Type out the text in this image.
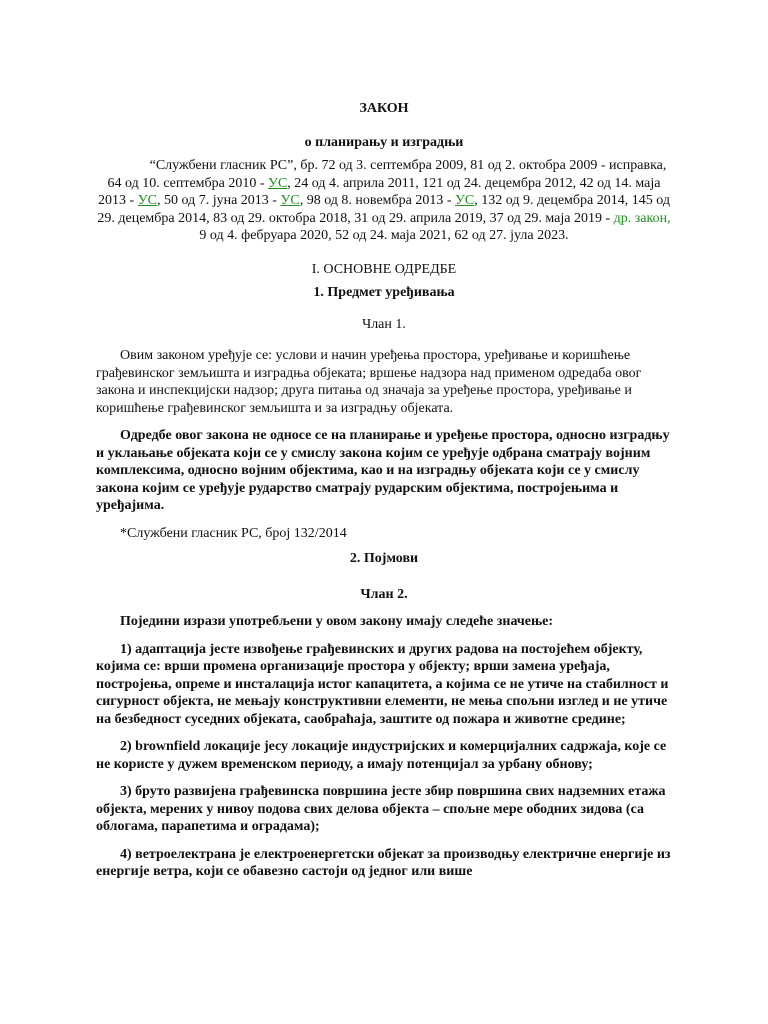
ЗАКОН

о планирању и изградњи

“Службени гласник РС”, бр. 72 од 3. септембра 2009, 81 од 2. октобра 2009 - исправка, 64 од 10. септембра 2010 - УС, 24 од 4. априла 2011, 121 од 24. децембра 2012, 42 од 14. маја 2013 - УС, 50 од 7. јуна 2013 - УС, 98 од 8. новембра 2013 - УС, 132 од 9. децембра 2014, 145 од 29. децембра 2014, 83 од 29. октобра 2018, 31 од 29. априла 2019, 37 од 29. маја 2019 - др. закон, 9 од 4. фебруара 2020, 52 од 24. маја 2021, 62 од 27. јула 2023.

I. ОСНОВНЕ ОДРЕДБЕ

1. Предмет уређивања

Члан 1.

Овим законом уређује се: услови и начин уређења простора, уређивање и коришћење грађевинског земљишта и изградња објеката; вршење надзора над применом одредаба овог закона и инспекцијски надзор; друга питања од значаја за уређење простора, уређивање и коришћење грађевинског земљишта и за изградњу објеката.

Одредбе овог закона не односе се на планирање и уређење простора, односно изградњу и уклањање објеката који се у смислу закона којим се уређује одбрана сматрају војним комплексима, односно војним објектима, као и на изградњу објеката који се у смислу закона којим се уређује рударство сматрају рударским објектима, постројењима и уређајима.

*Службени гласник РС, број 132/2014

2. Појмови

Члан 2.

Поједини изрази употребљени у овом закону имају следеће значење:

1) адаптација јесте извођење грађевинских и других радова на постојећем објекту, којима се: врши промена организације простора у објекту; врши замена уређаја, постројења, опреме и инсталација истог капацитета, а којима се не утиче на стабилност и сигурност објекта, не мењају конструктивни елементи, не мења спољни изглед и не утиче на безбедност суседних објеката, саобраћаја, заштите од пожара и животне средине;

2) brownfield локације јесу локације индустријских и комерцијалних садржаја, које се не користе у дужем временском периоду, а имају потенцијал за урбану обнову;

3) бруто развијена грађевинска површина јесте збир површина свих надземних етажа објекта, мерених у нивоу подова свих делова објекта – спољне мере ободних зидова (са облогама, парапетима и оградама);

4) ветроелектрана је електроенергетски објекат за производњу електричне енергије из енергије ветра, који се обавезно састоји од једног или више
